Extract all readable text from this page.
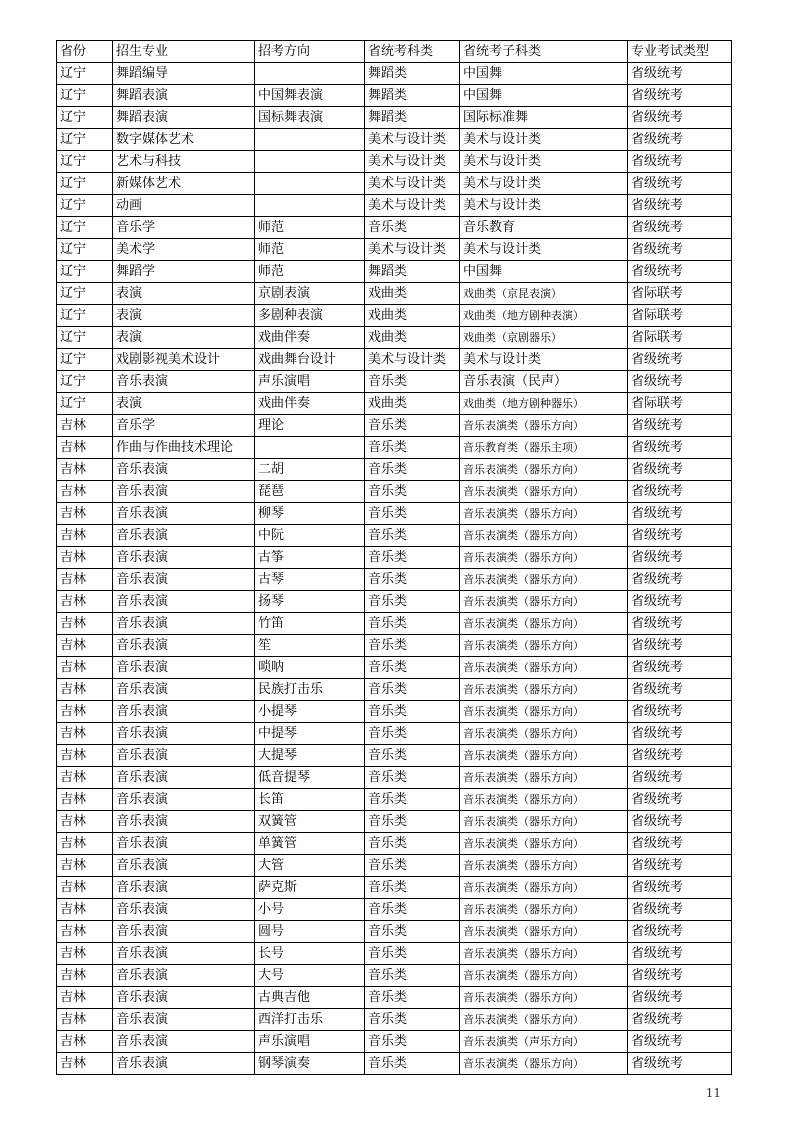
省份	招生专业	招考方向	省统考科类	省统考子科类	专业考试类型
辽宁	舞蹈编导		舞蹈类	中国舞	省级统考
辽宁	舞蹈表演	中国舞表演	舞蹈类	中国舞	省级统考
辽宁	舞蹈表演	国标舞表演	舞蹈类	国际标准舞	省级统考
辽宁	数字媒体艺术		美术与设计类	美术与设计类	省级统考
辽宁	艺术与科技		美术与设计类	美术与设计类	省级统考
辽宁	新媒体艺术		美术与设计类	美术与设计类	省级统考
辽宁	动画		美术与设计类	美术与设计类	省级统考
辽宁	音乐学	师范	音乐类	音乐教育	省级统考
辽宁	美术学	师范	美术与设计类	美术与设计类	省级统考
辽宁	舞蹈学	师范	舞蹈类	中国舞	省级统考
辽宁	表演	京剧表演	戏曲类	戏曲类（京昆表演）	省际联考
辽宁	表演	多剧种表演	戏曲类	戏曲类（地方剧种表演）	省际联考
辽宁	表演	戏曲伴奏	戏曲类	戏曲类（京剧器乐）	省际联考
辽宁	戏剧影视美术设计	戏曲舞台设计	美术与设计类	美术与设计类	省级统考
辽宁	音乐表演	声乐演唱	音乐类	音乐表演（民声）	省级统考
辽宁	表演	戏曲伴奏	戏曲类	戏曲类（地方剧种器乐）	省际联考
吉林	音乐学	理论	音乐类	音乐表演类（器乐方向）	省级统考
吉林	作曲与作曲技术理论		音乐类	音乐教育类（器乐主项）	省级统考
吉林	音乐表演	二胡	音乐类	音乐表演类（器乐方向）	省级统考
吉林	音乐表演	琵琶	音乐类	音乐表演类（器乐方向）	省级统考
吉林	音乐表演	柳琴	音乐类	音乐表演类（器乐方向）	省级统考
吉林	音乐表演	中阮	音乐类	音乐表演类（器乐方向）	省级统考
吉林	音乐表演	古筝	音乐类	音乐表演类（器乐方向）	省级统考
吉林	音乐表演	古琴	音乐类	音乐表演类（器乐方向）	省级统考
吉林	音乐表演	扬琴	音乐类	音乐表演类（器乐方向）	省级统考
吉林	音乐表演	竹笛	音乐类	音乐表演类（器乐方向）	省级统考
吉林	音乐表演	笙	音乐类	音乐表演类（器乐方向）	省级统考
吉林	音乐表演	唢呐	音乐类	音乐表演类（器乐方向）	省级统考
吉林	音乐表演	民族打击乐	音乐类	音乐表演类（器乐方向）	省级统考
吉林	音乐表演	小提琴	音乐类	音乐表演类（器乐方向）	省级统考
吉林	音乐表演	中提琴	音乐类	音乐表演类（器乐方向）	省级统考
吉林	音乐表演	大提琴	音乐类	音乐表演类（器乐方向）	省级统考
吉林	音乐表演	低音提琴	音乐类	音乐表演类（器乐方向）	省级统考
吉林	音乐表演	长笛	音乐类	音乐表演类（器乐方向）	省级统考
吉林	音乐表演	双簧管	音乐类	音乐表演类（器乐方向）	省级统考
吉林	音乐表演	单簧管	音乐类	音乐表演类（器乐方向）	省级统考
吉林	音乐表演	大管	音乐类	音乐表演类（器乐方向）	省级统考
吉林	音乐表演	萨克斯	音乐类	音乐表演类（器乐方向）	省级统考
吉林	音乐表演	小号	音乐类	音乐表演类（器乐方向）	省级统考
吉林	音乐表演	圆号	音乐类	音乐表演类（器乐方向）	省级统考
吉林	音乐表演	长号	音乐类	音乐表演类（器乐方向）	省级统考
吉林	音乐表演	大号	音乐类	音乐表演类（器乐方向）	省级统考
吉林	音乐表演	古典吉他	音乐类	音乐表演类（器乐方向）	省级统考
吉林	音乐表演	西洋打击乐	音乐类	音乐表演类（器乐方向）	省级统考
吉林	音乐表演	声乐演唱	音乐类	音乐表演类（声乐方向）	省级统考
吉林	音乐表演	钢琴演奏	音乐类	音乐表演类（器乐方向）	省级统考
11
